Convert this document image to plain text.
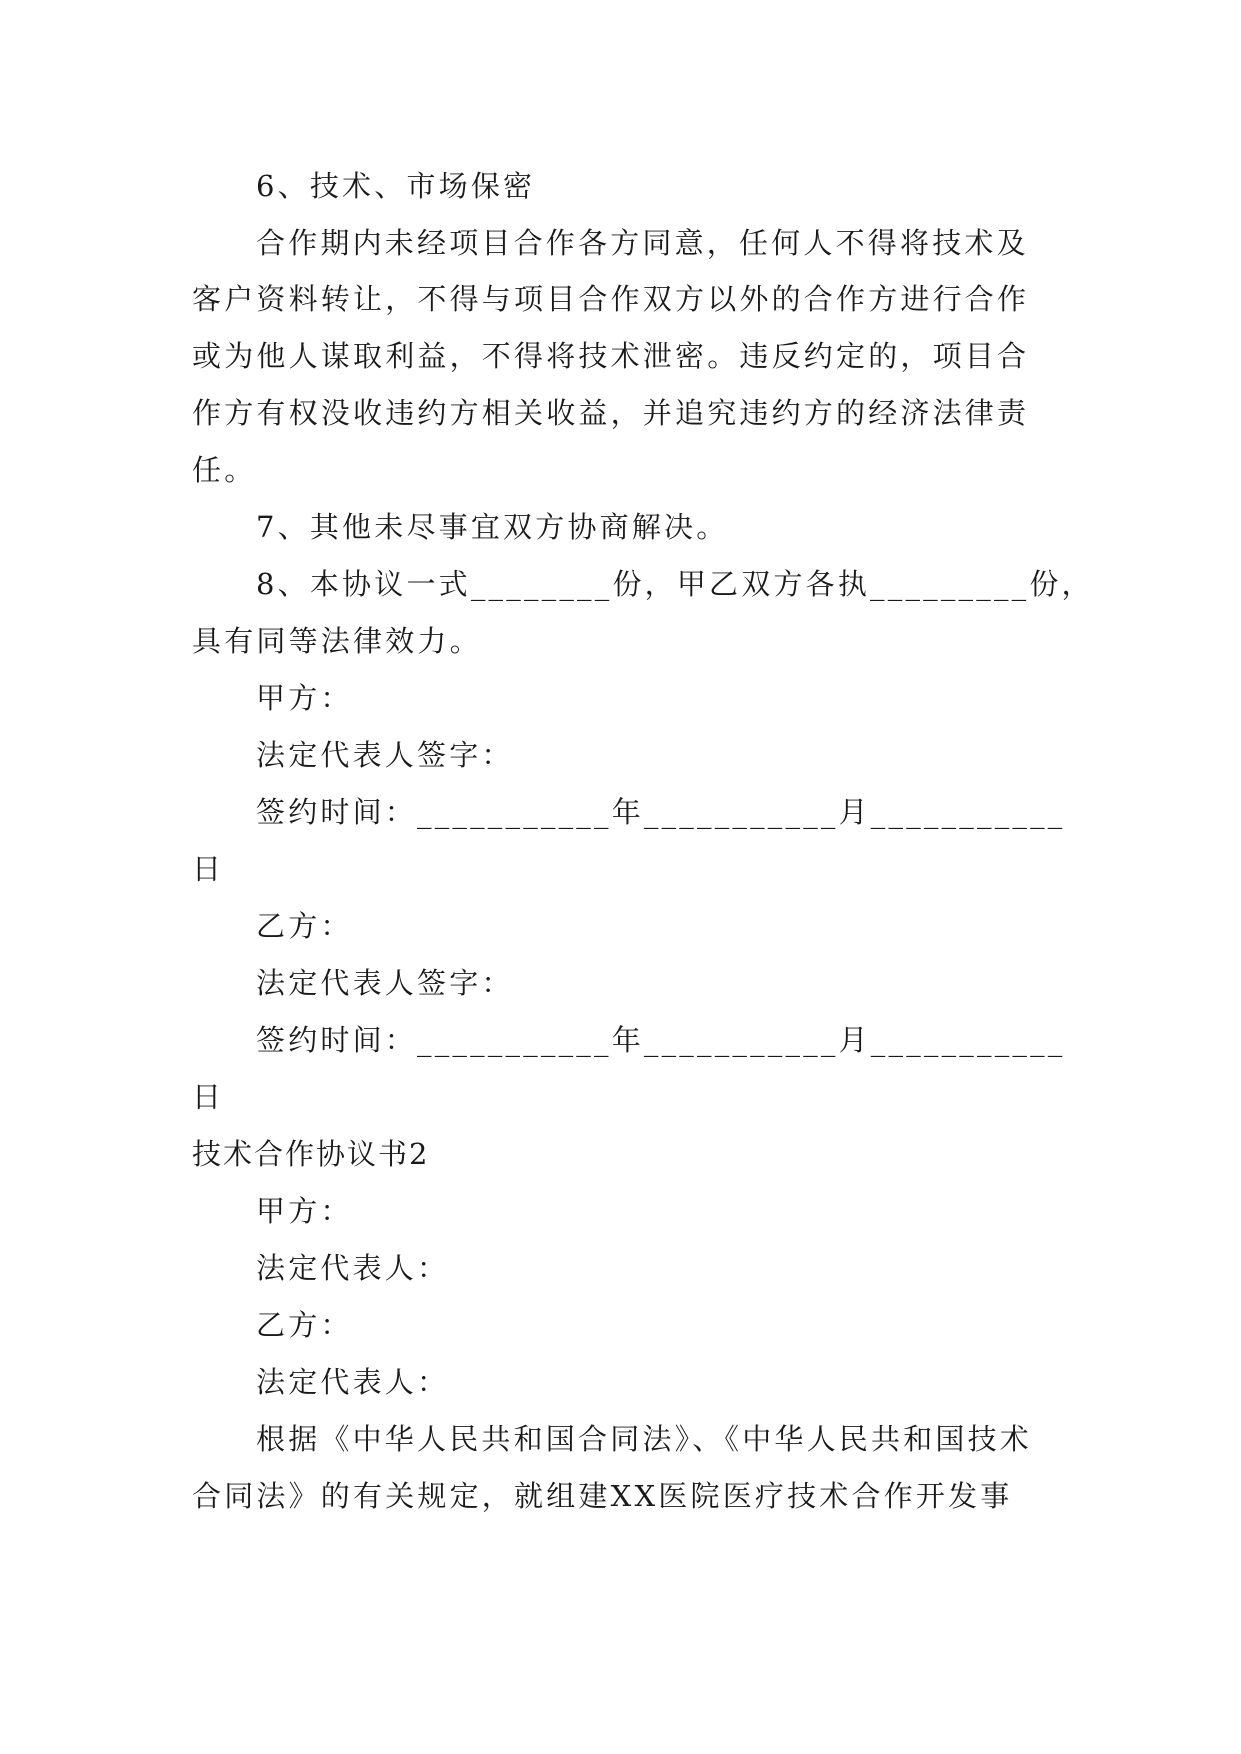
6、技术、市场保密
合作期内未经项目合作各方同意，任何人不得将技术及
客户资料转让，不得与项目合作双方以外的合作方进行合作
或为他人谋取利益，不得将技术泄密。违反约定的，项目合
作方有权没收违约方相关收益，并追究违约方的经济法律责
任。
7、其他未尽事宜双方协商解决。
8、本协议一式________份，甲乙双方各执_________份，
具有同等法律效力。
甲方：
法定代表人签字：
签约时间：___________年___________月___________
日
乙方：
法定代表人签字：
签约时间：___________年___________月___________
日
技术合作协议书2
甲方：
法定代表人：
乙方：
法定代表人：
根据《中华人民共和国合同法》、《中华人民共和国技术
合同法》的有关规定，就组建XX医院医疗技术合作开发事
